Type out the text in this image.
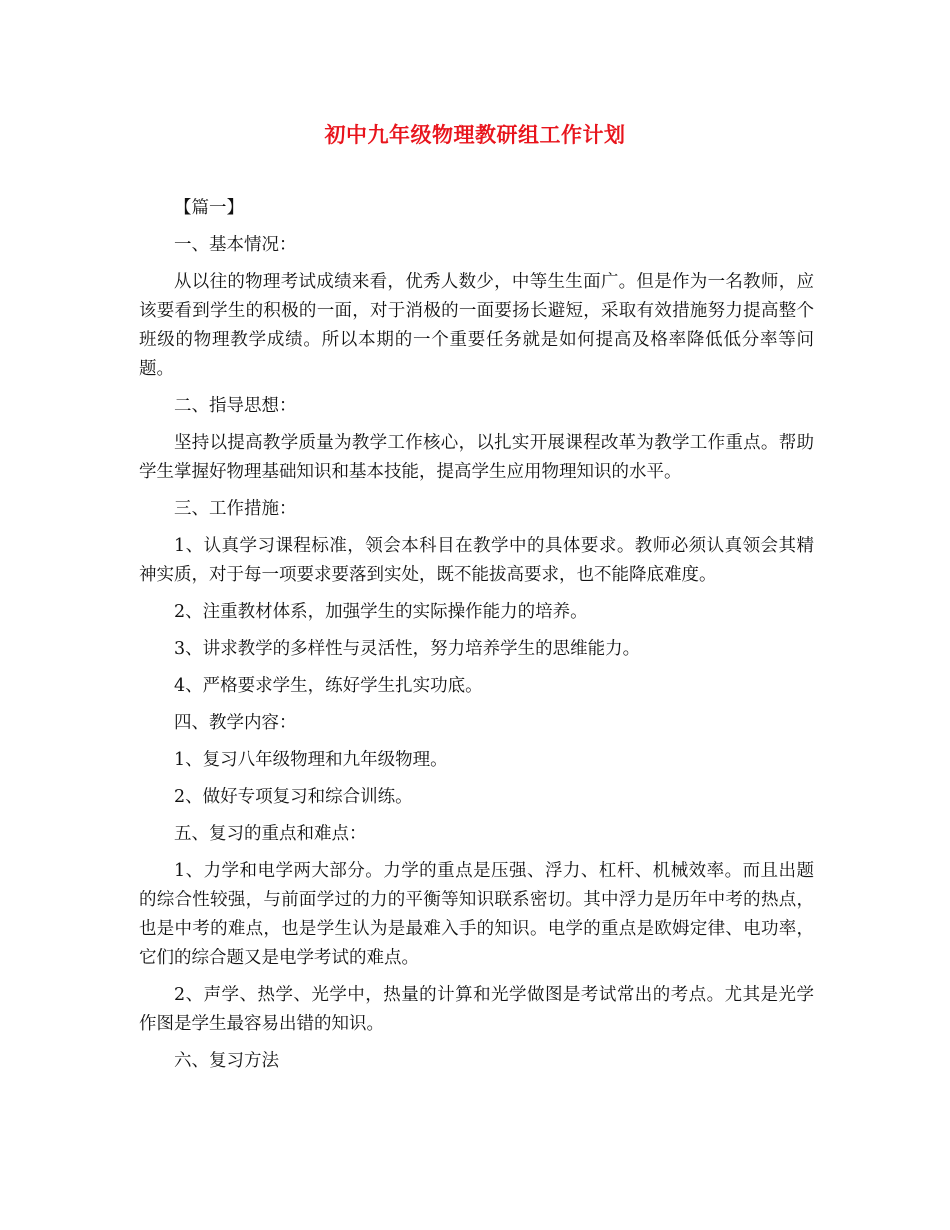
初中九年级物理教研组工作计划

【篇一】

一、基本情况：

从以往的物理考试成绩来看，优秀人数少，中等生生面广。但是作为一名教师，应该要看到学生的积极的一面，对于消极的一面要扬长避短，采取有效措施努力提高整个班级的物理教学成绩。所以本期的一个重要任务就是如何提高及格率降低低分率等问题。

二、指导思想：

坚持以提高教学质量为教学工作核心，以扎实开展课程改革为教学工作重点。帮助学生掌握好物理基础知识和基本技能，提高学生应用物理知识的水平。

三、工作措施：

1、认真学习课程标准，领会本科目在教学中的具体要求。教师必须认真领会其精神实质，对于每一项要求要落到实处，既不能拔高要求，也不能降底难度。

2、注重教材体系，加强学生的实际操作能力的培养。

3、讲求教学的多样性与灵活性，努力培养学生的思维能力。

4、严格要求学生，练好学生扎实功底。

四、教学内容：

1、复习八年级物理和九年级物理。

2、做好专项复习和综合训练。

五、复习的重点和难点：

1、力学和电学两大部分。力学的重点是压强、浮力、杠杆、机械效率。而且出题的综合性较强，与前面学过的力的平衡等知识联系密切。其中浮力是历年中考的热点，也是中考的难点，也是学生认为是最难入手的知识。电学的重点是欧姆定律、电功率，它们的综合题又是电学考试的难点。

2、声学、热学、光学中，热量的计算和光学做图是考试常出的考点。尤其是光学作图是学生最容易出错的知识。

六、复习方法
